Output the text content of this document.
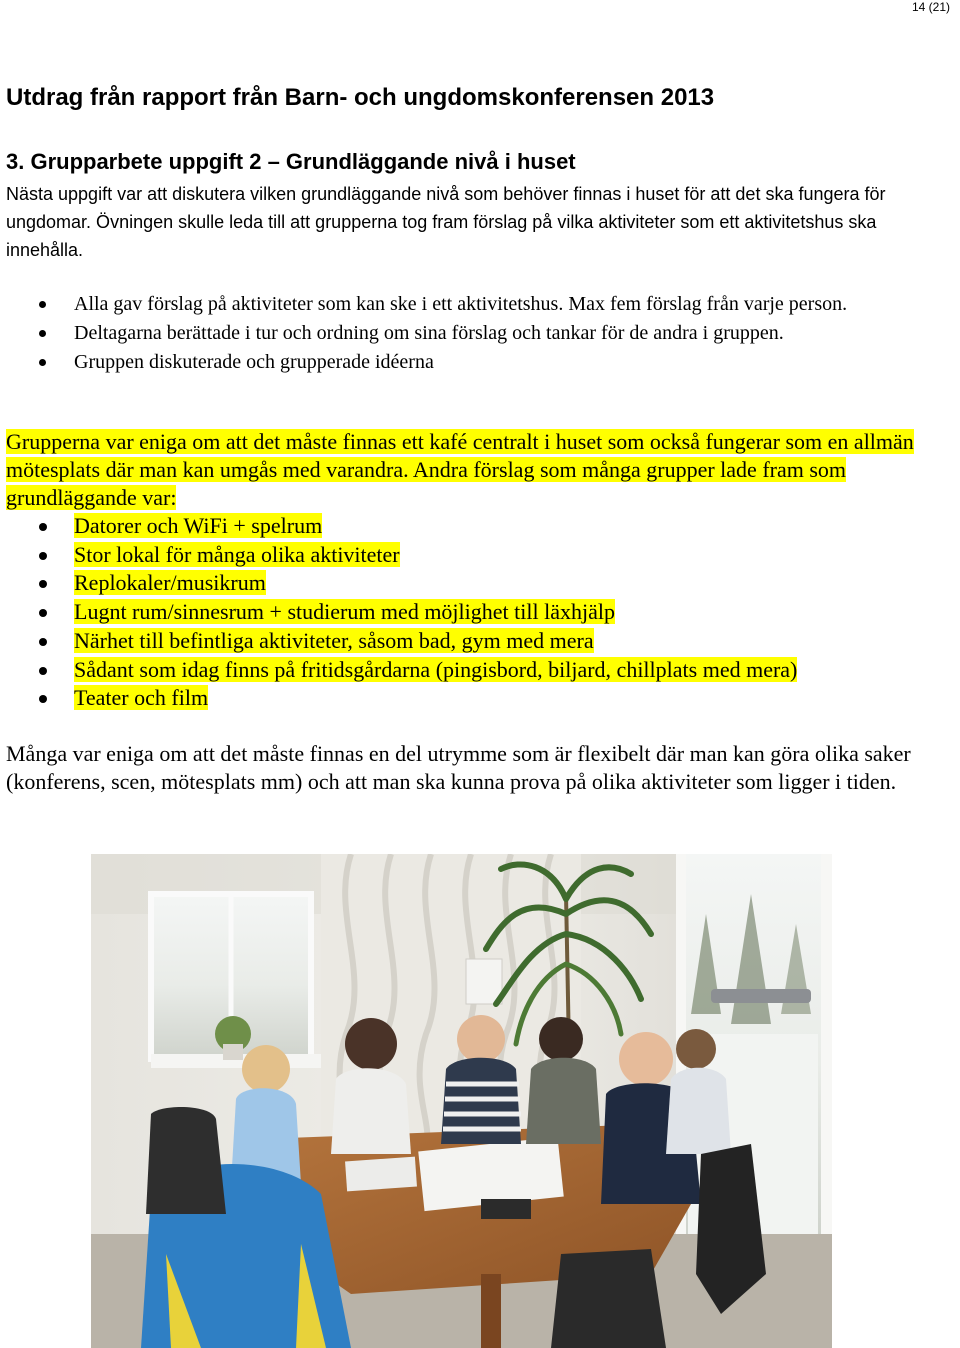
14 (21)
Utdrag från rapport från Barn- och ungdomskonferensen 2013
3. Grupparbete uppgift 2 – Grundläggande nivå i huset

Nästa uppgift var att diskutera vilken grundläggande nivå som behöver finnas i huset för att det ska fungera för ungdomar. Övningen skulle leda till att grupperna tog fram förslag på vilka aktiviteter som ett aktivitetshus ska innehålla.

Alla gav förslag på aktiviteter som kan ske i ett aktivitetshus. Max fem förslag från varje person.
Deltagarna berättade i tur och ordning om sina förslag och tankar för de andra i gruppen.
Gruppen diskuterade och grupperade idéerna

Grupperna var eniga om att det måste finnas ett kafé centralt i huset som också fungerar som en allmän mötesplats där man kan umgås med varandra. Andra förslag som många grupper lade fram som grundläggande var:

Datorer och WiFi + spelrum
Stor lokal för många olika aktiviteter
Replokaler/musikrum
Lugnt rum/sinnesrum + studierum med möjlighet till läxhjälp
Närhet till befintliga aktiviteter, såsom bad, gym med mera
Sådant som idag finns på fritidsgårdarna (pingisbord, biljard, chillplats med mera)
Teater och film

Många var eniga om att det måste finnas en del utrymme som är flexibelt där man kan göra olika saker (konferens, scen, mötesplats mm) och att man ska kunna prova på olika aktiviteter som ligger i tiden.
